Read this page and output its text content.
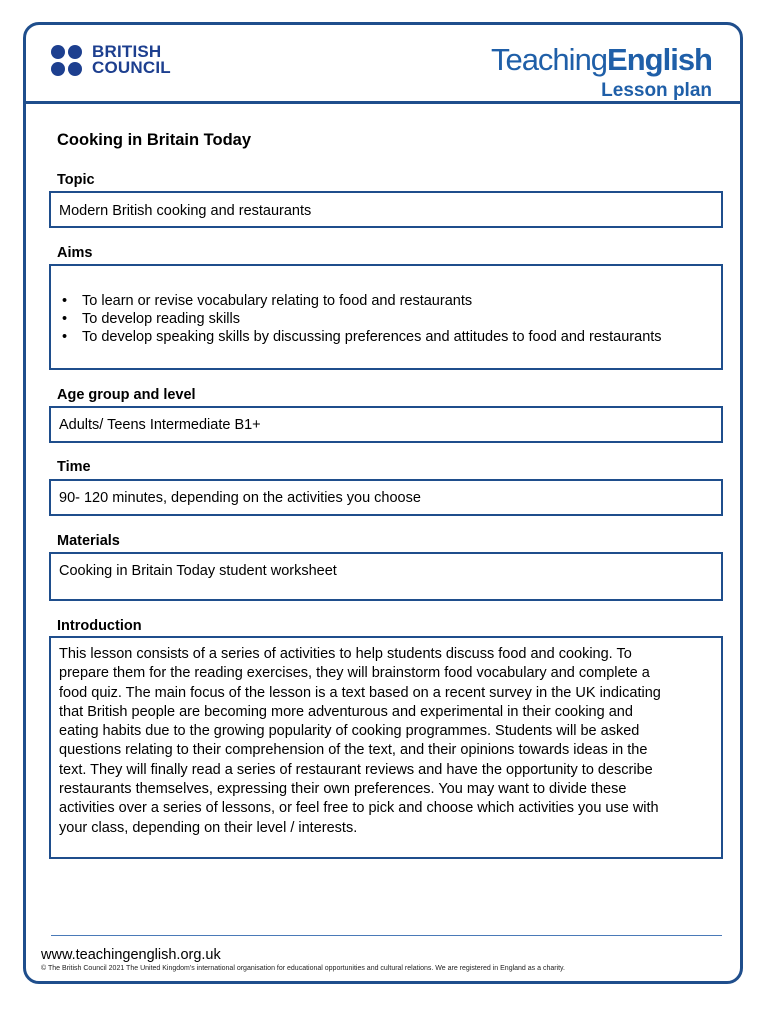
BRITISH
COUNCIL	TeachingEnglish
Lesson plan
Cooking in Britain Today
Topic
Modern British cooking and restaurants
Aims
• To learn or revise vocabulary relating to food and restaurants
• To develop reading skills
• To develop speaking skills by discussing preferences and attitudes to food and restaurants
Age group and level
Adults/ Teens Intermediate B1+
Time
90- 120 minutes, depending on the activities you choose
Materials
Cooking in Britain Today student worksheet
Introduction
This lesson consists of a series of activities to help students discuss food and cooking. To
prepare them for the reading exercises, they will brainstorm food vocabulary and complete a
food quiz. The main focus of the lesson is a text based on a recent survey in the UK indicating
that British people are becoming more adventurous and experimental in their cooking and
eating habits due to the growing popularity of cooking programmes. Students will be asked
questions relating to their comprehension of the text, and their opinions towards ideas in the
text. They will finally read a series of restaurant reviews and have the opportunity to describe
restaurants themselves, expressing their own preferences. You may want to divide these
activities over a series of lessons, or feel free to pick and choose which activities you use with
your class, depending on their level / interests.
www.teachingenglish.org.uk
© The British Council 2021 The United Kingdom’s international organisation for educational opportunities and cultural relations. We are registered in England as a charity.
